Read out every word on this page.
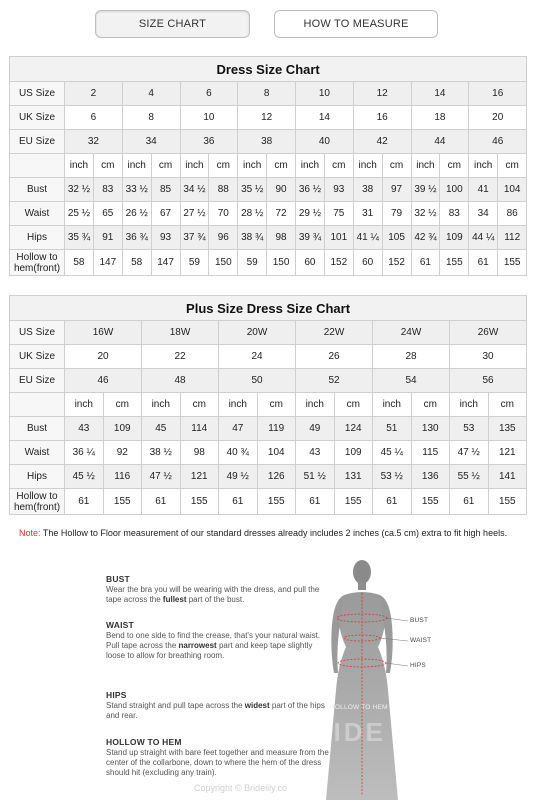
SIZE CHART	HOW TO MEASURE
Dress Size Chart																
US Size	2		4		6		8		10		12		14		16	
UK Size	6		8		10		12		14		16		18		20	
EU Size	32		34		36		38		40		42		44		46	
	inch	cm	inch	cm	inch	cm	inch	cm	inch	cm	inch	cm	inch	cm	inch	cm
Bust	32 ½	83	33 ½	85	34 ½	88	35 ½	90	36 ½	93	38	97	39 ½	100	41	104
Waist	25 ½	65	26 ½	67	27 ½	70	28 ½	72	29 ½	75	31	79	32 ½	83	34	86
Hips	35 ¾	91	36 ¾	93	37 ¾	96	38 ¾	98	39 ¾	101	41 ¼	105	42 ¾	109	44 ¼	112
Hollow to hem(front)	58	147	58	147	59	150	59	150	60	152	60	152	61	155	61	155
Plus Size Dress Size Chart												
US Size	16W		18W		20W		22W		24W		26W	
UK Size	20		22		24		26		28		30	
EU Size	46		48		50		52		54		56	
	inch	cm	inch	cm	inch	cm	inch	cm	inch	cm	inch	cm
Bust	43	109	45	114	47	119	49	124	51	130	53	135
Waist	36 ¼	92	38 ½	98	40 ¾	104	43	109	45 ¼	115	47 ½	121
Hips	45 ½	116	47 ½	121	49 ½	126	51 ½	131	53 ½	136	55 ½	141
Hollow to hem(front)	61	155	61	155	61	155	61	155	61	155	61	155
Note: The Hollow to Floor measurement of our standard dresses already includes 2 inches (ca.5 cm) extra to fit high heels.
BUST

Wear the bra you will be wearing with the dress, and pull the tape across the fullest part of the bust.

WAIST

Bend to one side to find the crease, that's your natural waist. Pull tape across the narrowest part and keep tape slightly loose to allow for breathing room.

HIPS

Stand straight and pull tape across the widest part of the hips and rear.

HOLLOW TO HEM

Stand up straight with bare feet together and measure from the center of the collarbone, down to where the hem of the dress should hit (excluding any train).

BUST
WAIST
HIPS
HOLLOW TO HEM
BRIDE
Copyright © Bridelily.co
